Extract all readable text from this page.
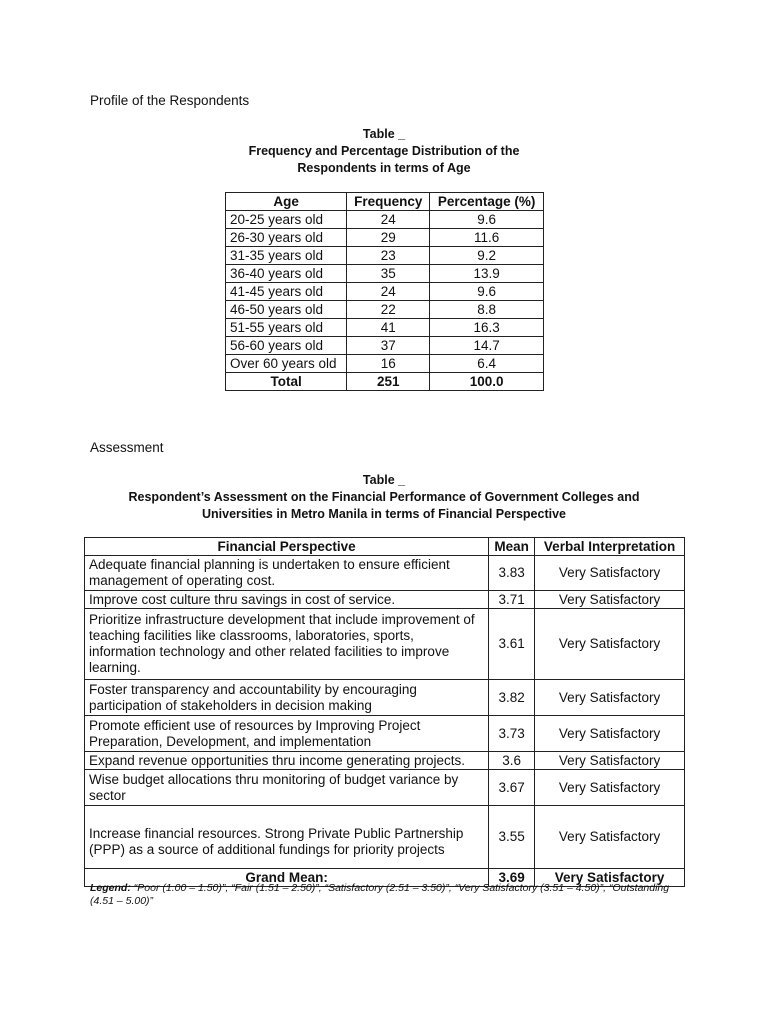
Profile of the Respondents
Table _
Frequency and Percentage Distribution of the
Respondents in terms of Age
Age	Frequency	Percentage (%)
20-25 years old	24	9.6
26-30 years old	29	11.6
31-35 years old	23	9.2
36-40 years old	35	13.9
41-45 years old	24	9.6
46-50 years old	22	8.8
51-55 years old	41	16.3
56-60 years old	37	14.7
Over 60 years old	16	6.4
Total	251	100.0
Assessment
Table _
Respondent’s Assessment on the Financial Performance of Government Colleges and
Universities in Metro Manila in terms of Financial Perspective
Financial Perspective	Mean	Verbal Interpretation
Adequate financial planning is undertaken to ensure efficient management of operating cost.	3.83	Very Satisfactory
Improve cost culture thru savings in cost of service.	3.71	Very Satisfactory
Prioritize infrastructure development that include improvement of teaching facilities like classrooms, laboratories, sports, information technology and other related facilities to improve learning.	3.61	Very Satisfactory
Foster transparency and accountability by encouraging participation of stakeholders in decision making	3.82	Very Satisfactory
Promote efficient use of resources by Improving Project Preparation, Development, and implementation	3.73	Very Satisfactory
Expand revenue opportunities thru income generating projects.	3.6	Very Satisfactory
Wise budget allocations thru monitoring of budget variance by sector	3.67	Very Satisfactory
Increase financial resources. Strong Private Public Partnership (PPP) as a source of additional fundings for priority projects	3.55	Very Satisfactory
Grand Mean:	3.69	Very Satisfactory
Legend: “Poor (1.00 – 1.50)”, “Fair (1.51 – 2.50)”, “Satisfactory (2.51 – 3.50)”, “Very Satisfactory (3.51 – 4.50)”, “Outstanding (4.51 – 5.00)”
